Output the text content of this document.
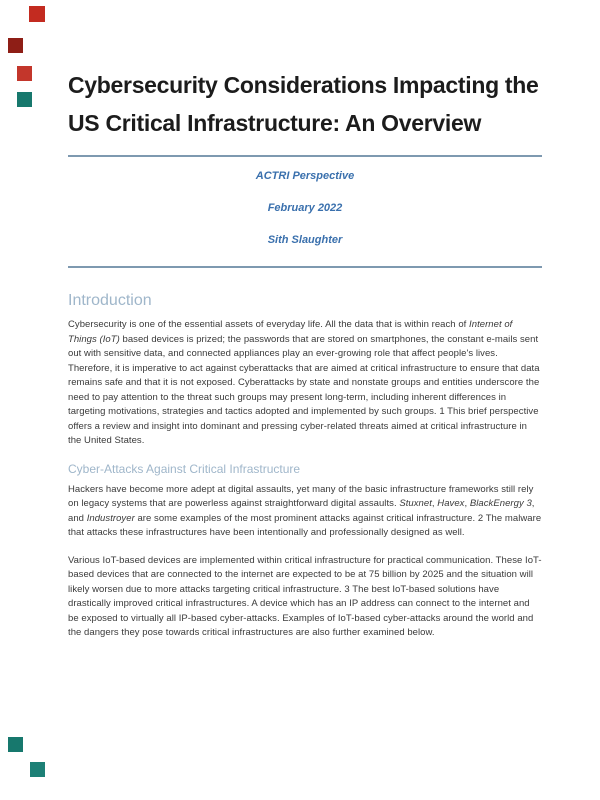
Cybersecurity Considerations Impacting the US Critical Infrastructure: An Overview

ACTRI Perspective

February 2022

Sith Slaughter

Introduction

Cybersecurity is one of the essential assets of everyday life. All the data that is within reach of Internet of Things (IoT) based devices is prized; the passwords that are stored on smartphones, the constant e-mails sent out with sensitive data, and connected appliances play an ever-growing role that affect people's lives. Therefore, it is imperative to act against cyberattacks that are aimed at critical infrastructure to ensure that data remains safe and that it is not exposed. Cyberattacks by state and nonstate groups and entities underscore the need to pay attention to the threat such groups may present long-term, including inherent differences in targeting motivations, strategies and tactics adopted and implemented by such groups. 1 This brief perspective offers a review and insight into dominant and pressing cyber-related threats aimed at critical infrastructure in the United States.

Cyber-Attacks Against Critical Infrastructure

Hackers have become more adept at digital assaults, yet many of the basic infrastructure frameworks still rely on legacy systems that are powerless against straightforward digital assaults. Stuxnet, Havex, BlackEnergy 3, and Industroyer are some examples of the most prominent attacks against critical infrastructure. 2 The malware that attacks these infrastructures have been intentionally and professionally designed as well.

Various IoT-based devices are implemented within critical infrastructure for practical communication. These IoT-based devices that are connected to the internet are expected to be at 75 billion by 2025 and the situation will likely worsen due to more attacks targeting critical infrastructure. 3 The best IoT-based solutions have drastically improved critical infrastructures. A device which has an IP address can connect to the internet and be exposed to virtually all IP-based cyber-attacks. Examples of IoT-based cyber-attacks around the world and the dangers they pose towards critical infrastructures are also further examined below.
